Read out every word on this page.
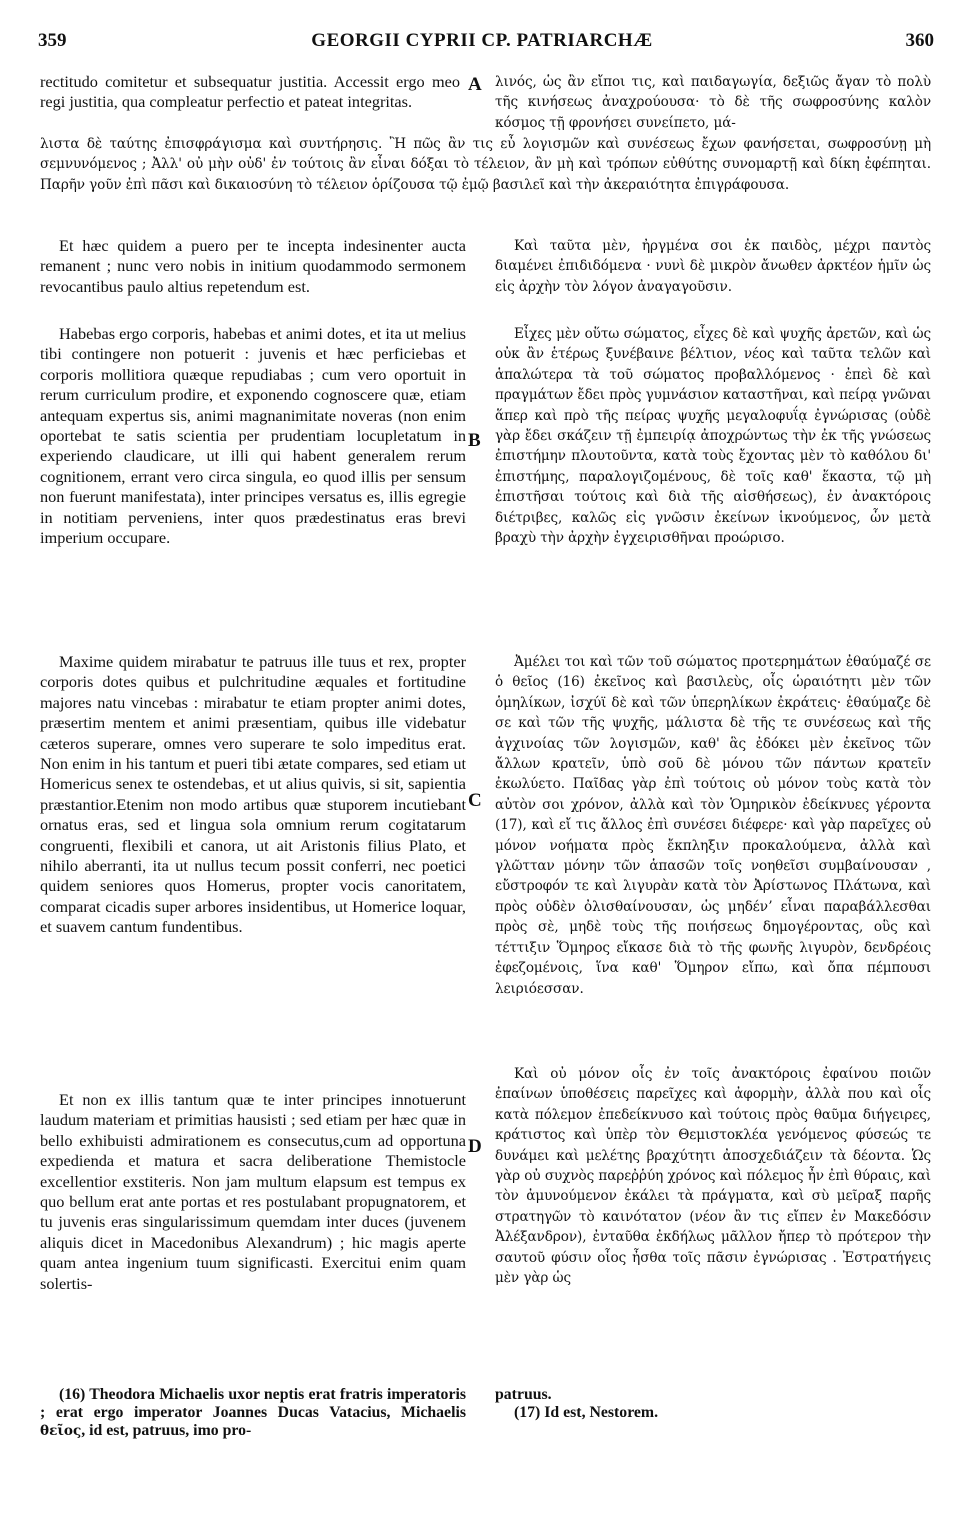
359	GEORGII CYPRII CP. PATRIARCHÆ	360

rectitudo comitetur et subsequatur justitia. Accessit ergo meo regi justitia, qua compleatur perfectio et pateat integritas.

λινός, ὡς ἂν εἴποι τις, καὶ παιδαγωγία, δεξιῶς ἄγαν τὸ πολὺ τῆς κινήσεως ἀναχρούουσα· τὸ δὲ τῆς σωφροσύνης καλὸν κόσμος τῇ φρονήσει συνείπετο, μά-

λιστα δὲ ταύτης ἐπισφράγισμα καὶ συντήρησις. Ἢ πῶς ἂν τις εὖ λογισμῶν καὶ συνέσεως ἔχων φανήσεται, σωφροσύνῃ μὴ σεμνυνόμενος ; Ἀλλ' οὐ μὴν οὐδ' ἐν τούτοις ἂν εἶναι δόξαι τὸ τέλειον, ἂν μὴ καὶ τρόπων εὐθύτης συνομαρτῇ καὶ δίκη ἐφέπηται. Παρῆν γοῦν ἐπὶ πᾶσι καὶ δικαιοσύνη τὸ τέλειον ὁρίζουσα τῷ ἐμῷ βασιλεῖ καὶ τὴν ἀκεραιότητα ἐπιγράφουσα.

Et hæc quidem a puero per te incepta indesinenter aucta remanent ; nunc vero nobis in initium quodammodo sermonem revocantibus paulo altius repetendum est.

Habebas ergo corporis, habebas et animi dotes, et ita ut melius tibi contingere non potuerit : juvenis et hæc perficiebas et corporis mollitiora quæque repudiabas ; cum vero oportuit in rerum curriculum prodire, et exponendo cognoscere quæ, etiam antequam expertus sis, animi magnanimitate noveras (non enim oportebat te satis scientia per prudentiam locupletatum in experiendo claudicare, ut illi qui habent generalem rerum cognitionem, errant vero circa singula, eo quod illis per sensum non fuerunt manifestata), inter principes versatus es, illis egregie in notitiam perveniens, inter quos prædestinatus eras brevi imperium occupare.

Maxime quidem mirabatur te patruus ille tuus et rex, propter corporis dotes quibus et pulchritudine æquales et fortitudine majores natu vincebas : mirabatur te etiam propter animi dotes, præsertim mentem et animi præsentiam, quibus ille videbatur cæteros superare, omnes vero superare te solo impeditus erat. Non enim in his tantum et pueri tibi ætate compares, sed etiam ut Homericus senex te ostendebas, et ut alius quivis, si sit, sapientia præstantior.Etenim non modo artibus quæ stuporem incutiebant ornatus eras, sed et lingua sola omnium rerum cogitatarum congruenti, flexibili et canora, ut ait Aristonis filius Plato, et nihilo aberranti, ita ut nullus tecum possit conferri, nec poetici quidem seniores quos Homerus, propter vocis canoritatem, comparat cicadis super arbores insidentibus, ut Homerice loquar, et suavem cantum fundentibus.

Et non ex illis tantum quæ te inter principes innotuerunt laudum materiam et primitias hausisti ; sed etiam per hæc quæ in bello exhibuisti admirationem es consecutus,cum ad opportuna expedienda et matura et sacra deliberatione Themistocle excellentior exstiteris. Non jam multum elapsum est tempus ex quo bellum erat ante portas et res postulabant propugnatorem, et tu juvenis eras singularissimum quemdam inter duces (juvenem aliquis dicet in Macedonibus Alexandrum) ; hic magis aperte quam antea ingenium tuum significasti. Exercitui enim quam solertis-

Καὶ ταῦτα μὲν, ἠργμένα σοι ἐκ παιδὸς, μέχρι παντὸς διαμένει ἐπιδιδόμενα · νυνὶ δὲ μικρὸν ἄνωθεν ἀρκτέον ἡμῖν ὡς εἰς ἀρχὴν τὸν λόγον ἀναγαγοῦσιν.

Εἶχες μὲν οὕτω σώματος, εἶχες δὲ καὶ ψυχῆς ἀρετῶν, καὶ ὡς οὐκ ἂν ἑτέρως ξυνέβαινε βέλτιον, νέος καὶ ταῦτα τελῶν καὶ ἁπαλώτερα τὰ τοῦ σώματος προβαλλόμενος · ἐπεὶ δὲ καὶ πραγμάτων ἔδει πρὸς γυμνάσιον καταστῆναι, καὶ πείρᾳ γνῶναι ἅπερ καὶ πρὸ τῆς πείρας ψυχῆς μεγαλοφυΐᾳ ἐγνώρισας (οὐδὲ γὰρ ἔδει σκάζειν τῇ ἐμπειρίᾳ ἀποχρώντως τὴν ἐκ τῆς γνώσεως ἐπιστήμην πλουτοῦντα, κατὰ τοὺς ἔχοντας μὲν τὸ καθόλου δι' ἐπιστήμης, παραλογιζομένους, δὲ τοῖς καθ' ἕκαστα, τῷ μὴ ἐπιστῆσαι τούτοις καὶ διὰ τῆς αἰσθήσεως), ἐν ἀνακτόροις διέτριβες, καλῶς εἰς γνῶσιν ἐκείνων ἱκνούμενος, ὧν μετὰ βραχὺ τὴν ἀρχὴν ἐγχειρισθῆναι προώρισο.

Ἀμέλει τοι καὶ τῶν τοῦ σώματος προτερημάτων ἐθαύμαζέ σε ὁ θεῖος (16) ἐκεῖνος καὶ βασιλεὺς, οἷς ὡραιότητι μὲν τῶν ὁμηλίκων, ἰσχύϊ δὲ καὶ τῶν ὑπερηλίκων ἐκράτεις· ἐθαύμαζε δὲ σε καὶ τῶν τῆς ψυχῆς, μάλιστα δὲ τῆς τε συνέσεως καὶ τῆς ἀγχινοίας τῶν λογισμῶν, καθ' ἃς ἐδόκει μὲν ἐκεῖνος τῶν ἄλλων κρατεῖν, ὑπὸ σοῦ δὲ μόνου τῶν πάντων κρατεῖν ἐκωλύετο. Παῖδας γὰρ ἐπὶ τούτοις οὐ μόνον τοὺς κατὰ τὸν αὐτὸν σοι χρόνον, ἀλλὰ καὶ τὸν Ὁμηρικὸν ἐδείκνυες γέροντα (17), καὶ εἴ τις ἄλλος ἐπὶ συνέσει διέφερε· καὶ γὰρ παρεῖχες οὐ μόνον νοήματα πρὸς ἔκπληξιν προκαλούμενα, ἀλλὰ καὶ γλῶτταν μόνην τῶν ἁπασῶν τοῖς νοηθεῖσι συμβαίνουσαν , εὔστροφόν τε καὶ λιγυρὰν κατὰ τὸν Ἀρίστωνος Πλάτωνα, καὶ πρὸς οὐδὲν ὀλισθαίνουσαν, ὡς μηδένʼ εἶναι παραβάλλεσθαι πρὸς σὲ, μηδὲ τοὺς τῆς ποιήσεως δημογέροντας, οὓς καὶ τέττιξιν Ὅμηρος εἴκασε διὰ τὸ τῆς φωνῆς λιγυρὸν, δενδρέοις ἐφεζομένοις, ἵνα καθ' Ὅμηρον εἴπω, καὶ ὄπα πέμπουσι λειριόεσσαν.

Καὶ οὐ μόνον οἷς ἐν τοῖς ἀνακτόροις ἐφαίνου ποιῶν ἐπαίνων ὑποθέσεις παρεῖχες καὶ ἀφορμὴν, ἀλλὰ που καὶ οἷς κατὰ πόλεμον ἐπεδείκνυσο καὶ τούτοις πρὸς θαῦμα διήγειρες, κράτιστος καὶ ὑπὲρ τὸν Θεμιστοκλέα γενόμενος φύσεώς τε δυνάμει καὶ μελέτης βραχύτητι ἀποσχεδιάζειν τὰ δέοντα. Ὡς γὰρ οὐ συχνὸς παρεῤῥύη χρόνος καὶ πόλεμος ἦν ἐπὶ θύραις, καὶ τὸν ἀμυνούμενον ἐκάλει τὰ πράγματα, καὶ σὺ μεῖραξ παρῆς στρατηγῶν τὸ καινότατον (νέον ἂν τις εἴπεν ἐν Μακεδόσιν Ἀλέξανδρον), ἐνταῦθα ἐκδήλως μᾶλλον ἤπερ τὸ πρότερον τὴν σαυτοῦ φύσιν οἷος ἦσθα τοῖς πᾶσιν ἐγνώρισας . Ἐστρατήγεις μὲν γὰρ ὡς

A
B
C
D

(16) Theodora Michaelis uxor neptis erat fratris imperatoris ; erat ergo imperator Joannes Ducas Vatacius, Michaelis θεῖος, id est, patruus, imo pro-

patruus.

(17) Id est, Nestorem.
